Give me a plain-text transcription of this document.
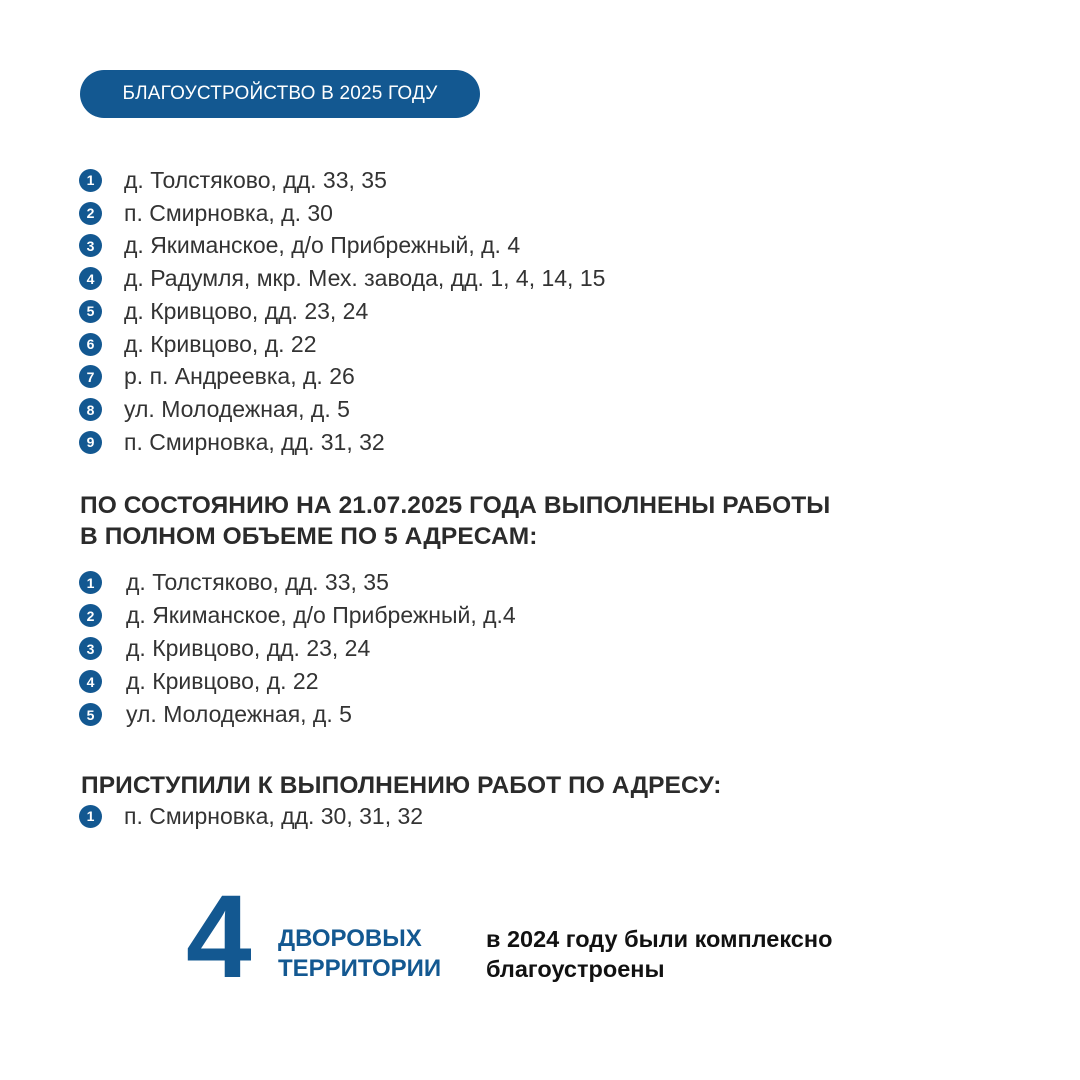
БЛАГОУСТРОЙСТВО В 2025 ГОДУ
1	д. Толстяково, дд. 33, 35
2	п. Смирновка, д. 30
3	д. Якиманское, д/о Прибрежный, д. 4
4	д. Радумля, мкр. Мех. завода, дд. 1, 4, 14, 15
5	д. Кривцово, дд. 23, 24
6	д. Кривцово, д. 22
7	р. п. Андреевка, д. 26
8	ул. Молодежная, д. 5
9	п. Смирновка, дд. 31, 32
ПО СОСТОЯНИЮ НА 21.07.2025 ГОДА ВЫПОЛНЕНЫ РАБОТЫ
В ПОЛНОМ ОБЪЕМЕ ПО 5 АДРЕСАМ:
1	д. Толстяково, дд. 33, 35
2	д. Якиманское, д/о Прибрежный, д.4
3	д. Кривцово, дд. 23, 24
4	д. Кривцово, д. 22
5	ул. Молодежная, д. 5
ПРИСТУПИЛИ К ВЫПОЛНЕНИЮ РАБОТ ПО АДРЕСУ:
1	п. Смирновка, дд. 30, 31, 32
4 ДВОРОВЫХ
ТЕРРИТОРИИ
в 2024 году были комплексно
благоустроены
